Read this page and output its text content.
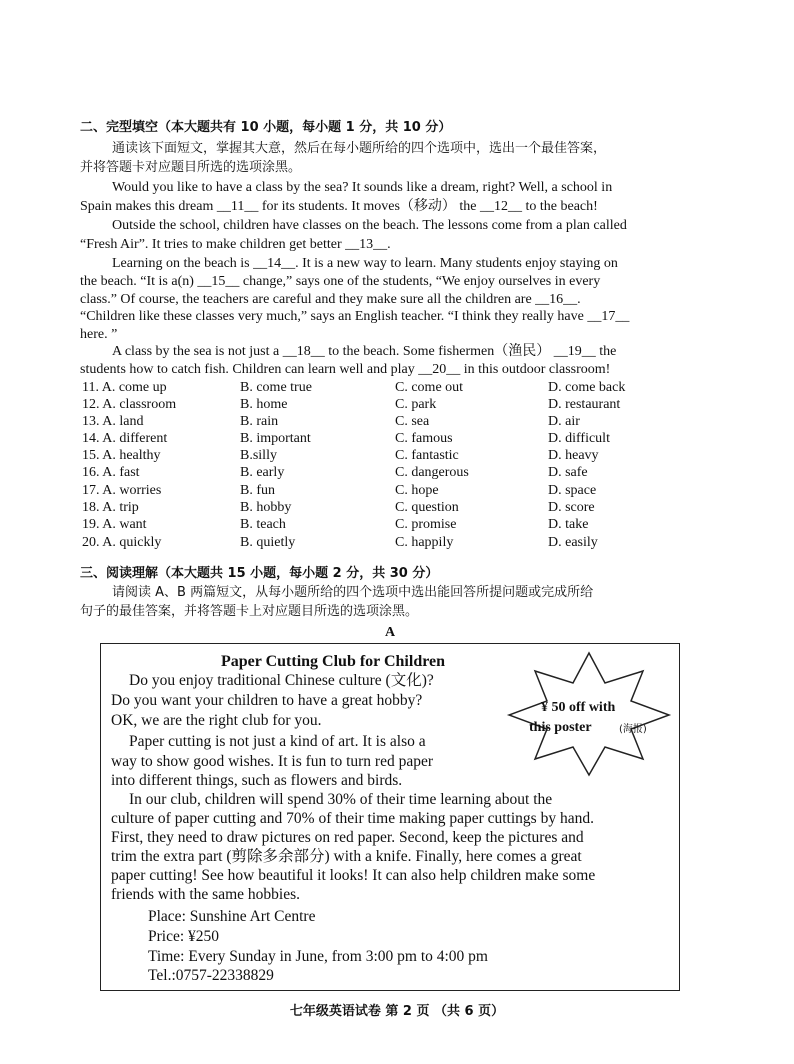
二、完型填空（本大题共有 10 小题，每小题 1 分，共 10 分）
通读该下面短文，掌握其大意，然后在每小题所给的四个选项中，选出一个最佳答案，
并将答题卡对应题目所选的选项涂黑。
Would you like to have a class by the sea? It sounds like a dream, right? Well, a school in
Spain makes this dream __11__ for its students. It moves（移动） the __12__ to the beach!
Outside the school, children have classes on the beach. The lessons come from a plan called
“Fresh Air”. It tries to make children get better __13__.
Learning on the beach is __14__. It is a new way to learn. Many students enjoy staying on
the beach. “It is a(n) __15__ change,” says one of the students, “We enjoy ourselves in every
class.” Of course, the teachers are careful and they make sure all the children are __16__.
“Children like these classes very much,” says an English teacher. “I think they really have __17__
here. ”
A class by the sea is not just a __18__ to the beach. Some fishermen（渔民） __19__ the
students how to catch fish. Children can learn well and play __20__ in this outdoor classroom!
11. A. come up	B. come true	C. come out	D. come back
12. A. classroom	B. home	C. park	D. restaurant
13. A. land	B. rain	C. sea	D. air
14. A. different	B. important	C. famous	D. difficult
15. A. healthy	B.silly	C. fantastic	D. heavy
16. A. fast	B. early	C. dangerous	D. safe
17. A. worries	B. fun	C. hope	D. space
18. A. trip	B. hobby	C. question	D. score
19. A. want	B. teach	C. promise	D. take
20. A. quickly	B. quietly	C. happily	D. easily
三、阅读理解（本大题共 15 小题，每小题 2 分，共 30 分）
请阅读 A、B 两篇短文，从每小题所给的四个选项中选出能回答所提问题或完成所给
句子的最佳答案，并将答题卡上对应题目所选的选项涂黑。
A
Paper Cutting Club for Children
Do you enjoy traditional Chinese culture (文化)?
Do you want your children to have a great hobby?
OK, we are the right club for you.
Paper cutting is not just a kind of art. It is also a
way to show good wishes. It is fun to turn red paper
into different things, such as flowers and birds.
In our club, children will spend 30% of their time learning about the
culture of paper cutting and 70% of their time making paper cuttings by hand.
First, they need to draw pictures on red paper. Second, keep the pictures and
trim the extra part (剪除多余部分) with a knife. Finally, here comes a great
paper cutting! See how beautiful it looks! It can also help children make some
friends with the same hobbies.
Place: Sunshine Art Centre
Price: ¥250
Time: Every Sunday in June, from 3:00 pm to 4:00 pm
Tel.:0757-22338829
¥ 50 off with
this poster	(海报)
七年级英语试卷 第 2 页 （共 6 页）
